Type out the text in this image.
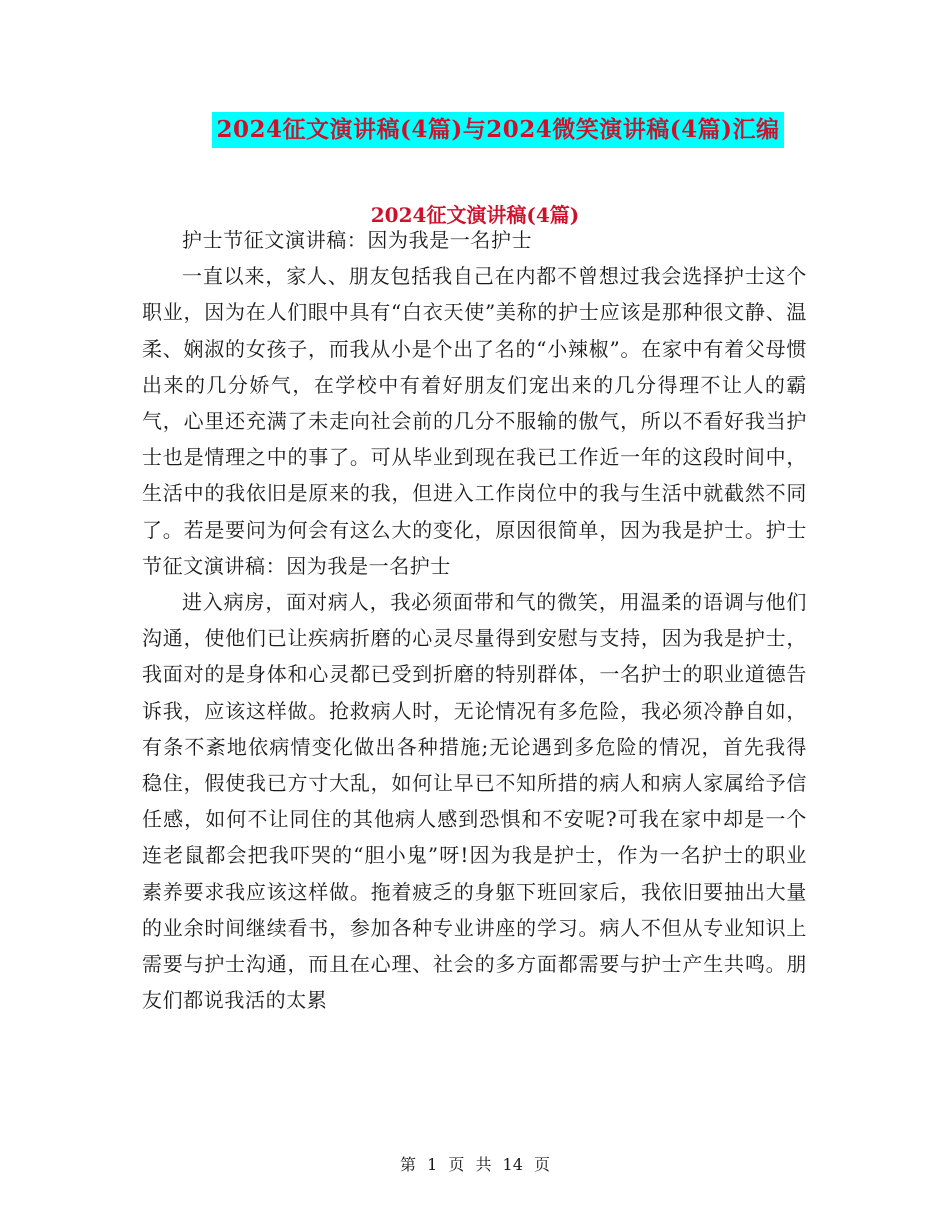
2024征文演讲稿(4篇)与2024微笑演讲稿(4篇)汇编
2024征文演讲稿(4篇)

护士节征文演讲稿：因为我是一名护士

一直以来，家人、朋友包括我自己在内都不曾想过我会选择护士这个职业，因为在人们眼中具有“白衣天使”美称的护士应该是那种很文静、温柔、娴淑的女孩子，而我从小是个出了名的“小辣椒”。在家中有着父母惯出来的几分娇气，在学校中有着好朋友们宠出来的几分得理不让人的霸气，心里还充满了未走向社会前的几分不服输的傲气，所以不看好我当护士也是情理之中的事了。可从毕业到现在我已工作近一年的这段时间中，生活中的我依旧是原来的我，但进入工作岗位中的我与生活中就截然不同了。若是要问为何会有这么大的变化，原因很简单，因为我是护士。护士节征文演讲稿：因为我是一名护士

进入病房，面对病人，我必须面带和气的微笑，用温柔的语调与他们沟通，使他们已让疾病折磨的心灵尽量得到安慰与支持，因为我是护士，我面对的是身体和心灵都已受到折磨的特别群体，一名护士的职业道德告诉我，应该这样做。抢救病人时，无论情况有多危险，我必须冷静自如，有条不紊地依病情变化做出各种措施;无论遇到多危险的情况，首先我得稳住，假使我已方寸大乱，如何让早已不知所措的病人和病人家属给予信任感，如何不让同住的其他病人感到恐惧和不安呢?可我在家中却是一个连老鼠都会把我吓哭的“胆小鬼”呀!因为我是护士，作为一名护士的职业素养要求我应该这样做。拖着疲乏的身躯下班回家后，我依旧要抽出大量的业余时间继续看书，参加各种专业讲座的学习。病人不但从专业知识上需要与护士沟通，而且在心理、社会的多方面都需要与护士产生共鸣。朋友们都说我活的太累

第 1 页 共 14 页
